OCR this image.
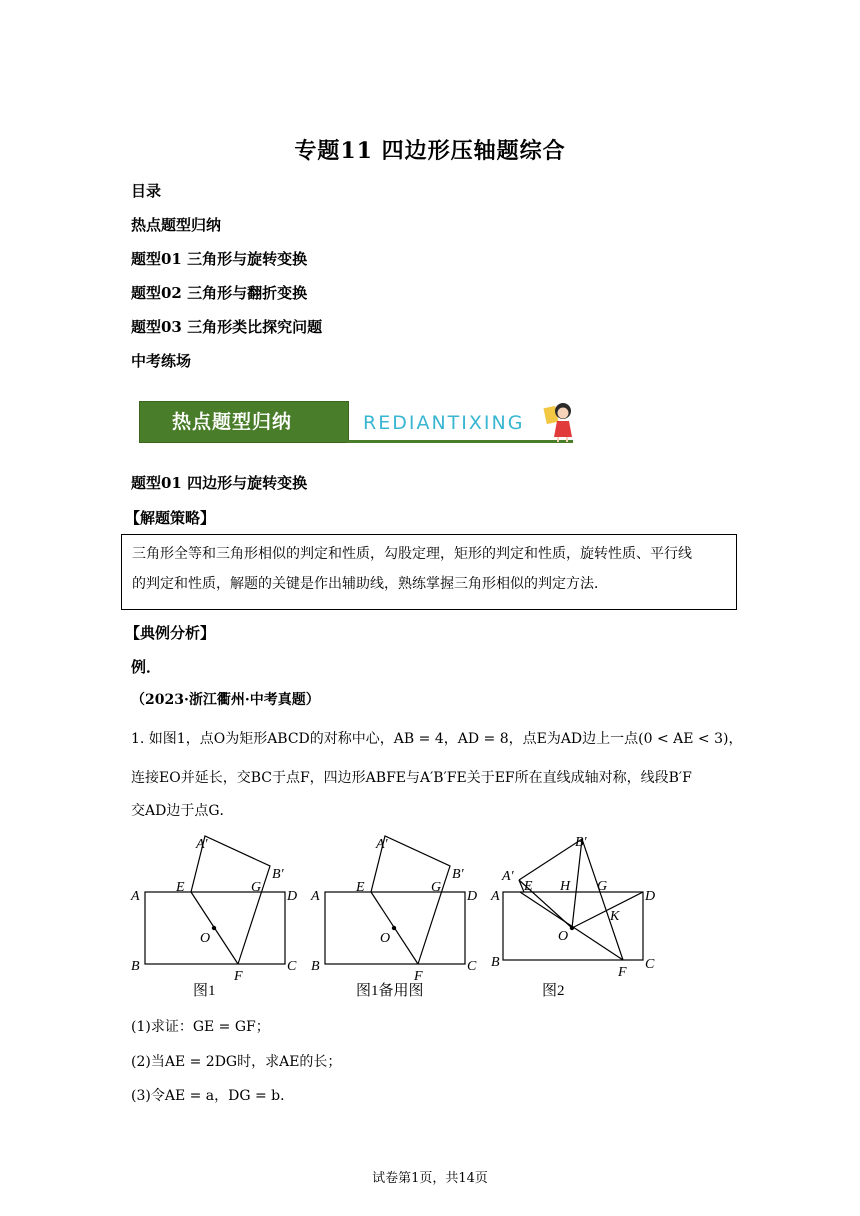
专题11 四边形压轴题综合
目录
热点题型归纳
题型01 三角形与旋转变换
题型02 三角形与翻折变换
题型03 三角形类比探究问题
中考练场
热点题型归纳	REDIANTIXING
题型01 四边形与旋转变换
【解题策略】
三角形全等和三角形相似的判定和性质，勾股定理，矩形的判定和性质，旋转性质、平行线
的判定和性质，解题的关键是作出辅助线，熟练掌握三角形相似的判定方法．
【典例分析】
例．
（2023·浙江衢州·中考真题）
1. 如图1，点O为矩形ABCD的对称中心，AB = 4，AD = 8，点E为AD边上一点(0 < AE < 3)，
连接EO并延长，交BC于点F，四边形ABFE与A′B′FE关于EF所在直线成轴对称，线段B′F
交AD边于点G．
A
B	C
D
E
F
G
O
A′
B′
图1
A
B	C
D
E
F
G
O
A′
B′
图1备用图
A
B	C
D
E
F
G
O
A′
B′
H
K
图2
(1)求证：GE = GF；
(2)当AE = 2DG时，求AE的长；
(3)令AE = a，DG = b．
试卷第1页，共14页
